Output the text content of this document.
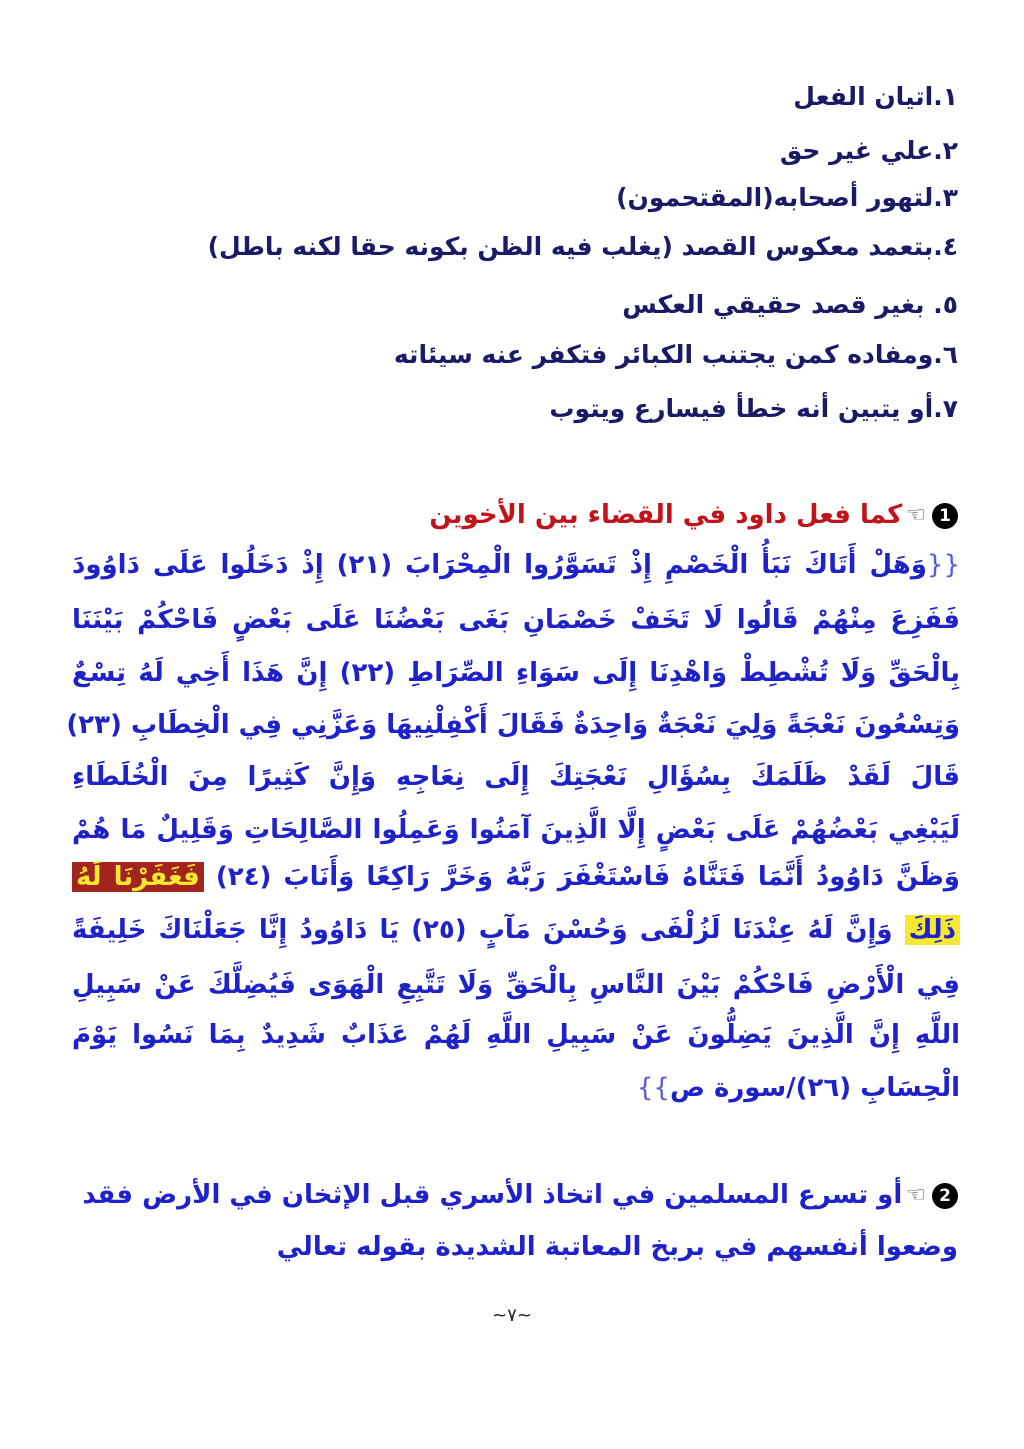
١.اتيان الفعل
٢.علي غير حق
٣.لتهور أصحابه(المقتحمون)
٤.بتعمد معكوس القصد (يغلب فيه الظن بكونه حقا لكنه باطل)
٥. بغير قصد حقيقي العكس
٦.ومفاده كمن يجتنب الكبائر فتكفر عنه سيئاته
٧.أو يتبين أنه خطأ فيسارع ويتوب
1☜كما فعل داود في القضاء بين الأخوين
{{وَهَلْ أَتَاكَ نَبَأُ الْخَصْمِ إِذْ تَسَوَّرُوا الْمِحْرَابَ (٢١) إِذْ دَخَلُوا عَلَى دَاوُودَ
فَفَزِعَ مِنْهُمْ قَالُوا لَا تَخَفْ خَصْمَانِ بَغَى بَعْضُنَا عَلَى بَعْضٍ فَاحْكُمْ بَيْنَنَا
بِالْحَقِّ وَلَا تُشْطِطْ وَاهْدِنَا إِلَى سَوَاءِ الصِّرَاطِ (٢٢) إِنَّ هَذَا أَخِي لَهُ تِسْعٌ
وَتِسْعُونَ نَعْجَةً وَلِيَ نَعْجَةٌ وَاحِدَةٌ فَقَالَ أَكْفِلْنِيهَا وَعَزَّنِي فِي الْخِطَابِ (٢٣)
قَالَ لَقَدْ ظَلَمَكَ بِسُؤَالِ نَعْجَتِكَ إِلَى نِعَاجِهِ وَإِنَّ كَثِيرًا مِنَ الْخُلَطَاءِ
لَيَبْغِي بَعْضُهُمْ عَلَى بَعْضٍ إِلَّا الَّذِينَ آمَنُوا وَعَمِلُوا الصَّالِحَاتِ وَقَلِيلٌ مَا هُمْ
وَظَنَّ دَاوُودُ أَنَّمَا فَتَنَّاهُ فَاسْتَغْفَرَ رَبَّهُ وَخَرَّ رَاكِعًا وَأَنَابَ (٢٤) فَغَفَرْنَا لَهُ
ذَلِكَ وَإِنَّ لَهُ عِنْدَنَا لَزُلْفَى وَحُسْنَ مَآبٍ (٢٥) يَا دَاوُودُ إِنَّا جَعَلْنَاكَ خَلِيفَةً
فِي الْأَرْضِ فَاحْكُمْ بَيْنَ النَّاسِ بِالْحَقِّ وَلَا تَتَّبِعِ الْهَوَى فَيُضِلَّكَ عَنْ سَبِيلِ
اللَّهِ إِنَّ الَّذِينَ يَضِلُّونَ عَنْ سَبِيلِ اللَّهِ لَهُمْ عَذَابٌ شَدِيدٌ بِمَا نَسُوا يَوْمَ
الْحِسَابِ (٢٦)/سورة ص}}
2☜أو تسرع المسلمين في اتخاذ الأسري قبل الإثخان في الأرض فقد
وضعوا أنفسهم في بربخ المعاتبة الشديدة بقوله تعالي
~٧~
